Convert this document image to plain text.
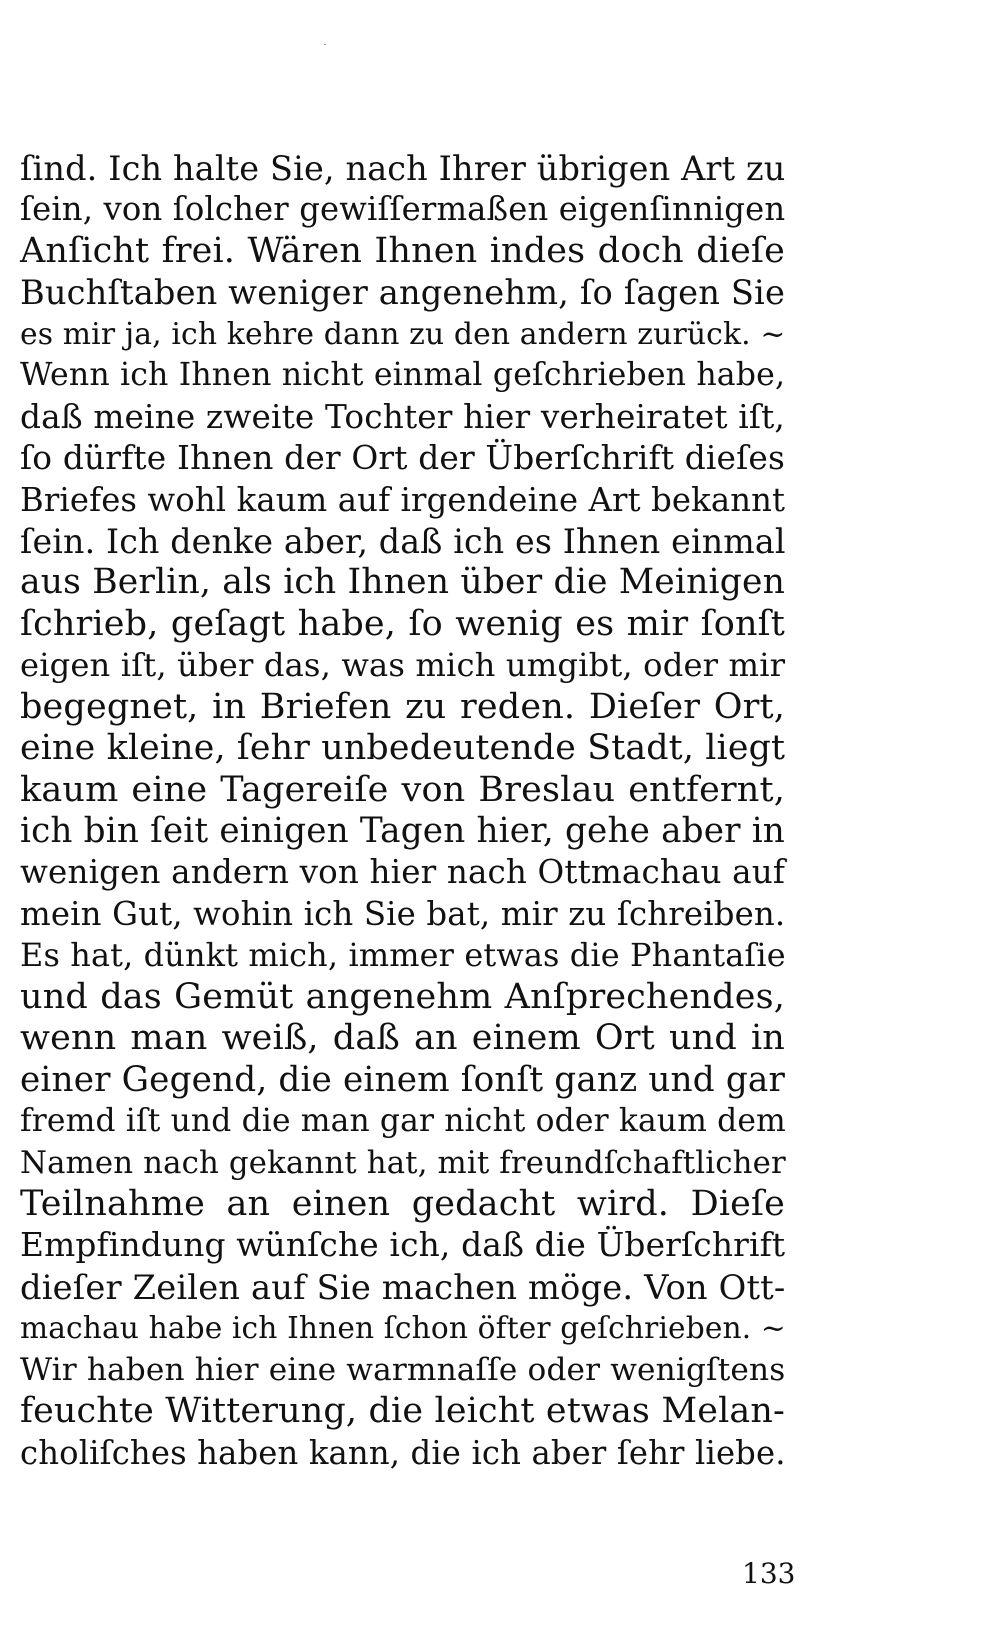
ſind. Ich halte Sie, nach Ihrer übrigen Art zu
ſein, von ſolcher gewiſſermaßen eigenſinnigen
Anſicht frei. Wären Ihnen indes doch dieſe
Buchſtaben weniger angenehm, ſo ſagen Sie
es mir ja, ich kehre dann zu den andern zurück. ~
Wenn ich Ihnen nicht einmal geſchrieben habe,
daß meine zweite Tochter hier verheiratet iſt,
ſo dürfte Ihnen der Ort der Überſchrift dieſes
Briefes wohl kaum auf irgendeine Art bekannt
ſein. Ich denke aber, daß ich es Ihnen einmal
aus Berlin, als ich Ihnen über die Meinigen
ſchrieb, geſagt habe, ſo wenig es mir ſonſt
eigen iſt, über das, was mich umgibt, oder mir
begegnet, in Briefen zu reden. Dieſer Ort,
eine kleine, ſehr unbedeutende Stadt, liegt
kaum eine Tagereiſe von Breslau entfernt,
ich bin ſeit einigen Tagen hier, gehe aber in
wenigen andern von hier nach Ottmachau auf
mein Gut, wohin ich Sie bat, mir zu ſchreiben.
Es hat, dünkt mich, immer etwas die Phantaſie
und das Gemüt angenehm Anſprechendes,
wenn man weiß, daß an einem Ort und in
einer Gegend, die einem ſonſt ganz und gar
fremd iſt und die man gar nicht oder kaum dem
Namen nach gekannt hat, mit freundſchaftlicher
Teilnahme an einen gedacht wird. Dieſe
Empfindung wünſche ich, daß die Überſchrift
dieſer Zeilen auf Sie machen möge. Von Ott-
machau habe ich Ihnen ſchon öfter geſchrieben. ~
Wir haben hier eine warmnaſſe oder wenigſtens
feuchte Witterung, die leicht etwas Melan-
choliſches haben kann, die ich aber ſehr liebe.
133
